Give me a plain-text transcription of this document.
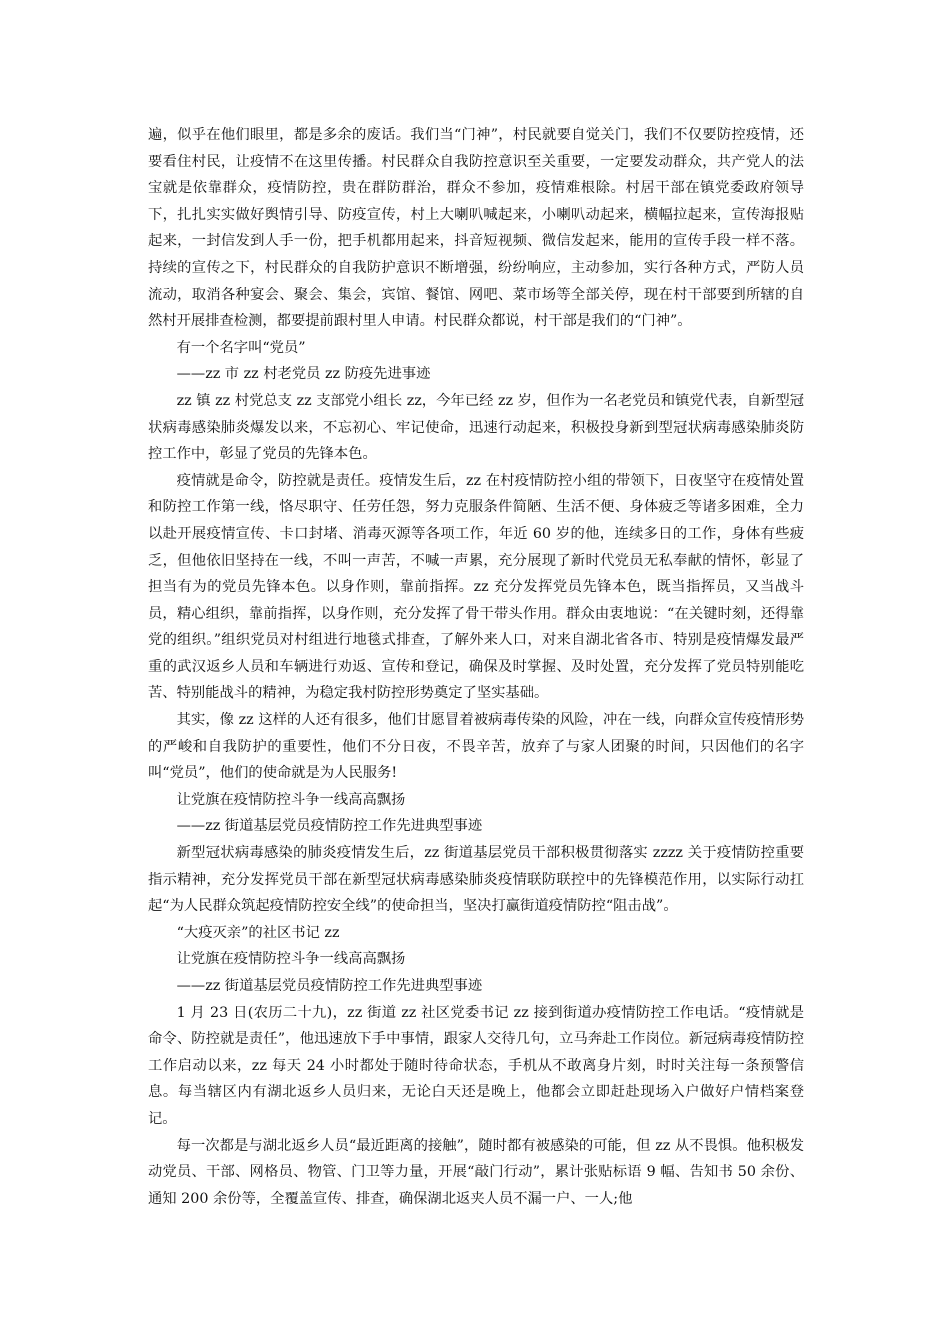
遍，似乎在他们眼里，都是多余的废话。我们当“门神”，村民就要自觉关门，我们不仅要防控疫情，还要看住村民，让疫情不在这里传播。村民群众自我防控意识至关重要，一定要发动群众，共产党人的法宝就是依靠群众，疫情防控，贵在群防群治，群众不参加，疫情难根除。村居干部在镇党委政府领导下，扎扎实实做好舆情引导、防疫宣传，村上大喇叭喊起来，小喇叭动起来，横幅拉起来，宣传海报贴起来，一封信发到人手一份，把手机都用起来，抖音短视频、微信发起来，能用的宣传手段一样不落。持续的宣传之下，村民群众的自我防护意识不断增强，纷纷响应，主动参加，实行各种方式，严防人员流动，取消各种宴会、聚会、集会，宾馆、餐馆、网吧、菜市场等全部关停，现在村干部要到所辖的自然村开展排查检测，都要提前跟村里人申请。村民群众都说，村干部是我们的“门神”。

有一个名字叫“党员”

——zz 市 zz 村老党员 zz 防疫先进事迹

zz 镇 zz 村党总支 zz 支部党小组长 zz，今年已经 zz 岁，但作为一名老党员和镇党代表，自新型冠状病毒感染肺炎爆发以来，不忘初心、牢记使命，迅速行动起来，积极投身新到型冠状病毒感染肺炎防控工作中，彰显了党员的先锋本色。

疫情就是命令，防控就是责任。疫情发生后，zz 在村疫情防控小组的带领下，日夜坚守在疫情处置和防控工作第一线，恪尽职守、任劳任怨，努力克服条件简陋、生活不便、身体疲乏等诸多困难，全力以赴开展疫情宣传、卡口封堵、消毒灭源等各项工作，年近 60 岁的他，连续多日的工作，身体有些疲乏，但他依旧坚持在一线，不叫一声苦，不喊一声累，充分展现了新时代党员无私奉献的情怀，彰显了担当有为的党员先锋本色。以身作则，靠前指挥。zz 充分发挥党员先锋本色，既当指挥员，又当战斗员，精心组织，靠前指挥，以身作则，充分发挥了骨干带头作用。群众由衷地说：“在关键时刻，还得靠党的组织。”组织党员对村组进行地毯式排查，了解外来人口，对来自湖北省各市、特别是疫情爆发最严重的武汉返乡人员和车辆进行劝返、宣传和登记，确保及时掌握、及时处置，充分发挥了党员特别能吃苦、特别能战斗的精神，为稳定我村防控形势奠定了坚实基础。

其实，像 zz 这样的人还有很多，他们甘愿冒着被病毒传染的风险，冲在一线，向群众宣传疫情形势的严峻和自我防护的重要性，他们不分日夜，不畏辛苦，放弃了与家人团聚的时间，只因他们的名字叫“党员”，他们的使命就是为人民服务!

让党旗在疫情防控斗争一线高高飘扬

——zz 街道基层党员疫情防控工作先进典型事迹

新型冠状病毒感染的肺炎疫情发生后，zz 街道基层党员干部积极贯彻落实 zzzz 关于疫情防控重要指示精神，充分发挥党员干部在新型冠状病毒感染肺炎疫情联防联控中的先锋模范作用，以实际行动扛起“为人民群众筑起疫情防控安全线”的使命担当，坚决打赢街道疫情防控“阻击战”。

“大疫灭亲”的社区书记 zz

让党旗在疫情防控斗争一线高高飘扬

——zz 街道基层党员疫情防控工作先进典型事迹

1 月 23 日(农历二十九)，zz 街道 zz 社区党委书记 zz 接到街道办疫情防控工作电话。“疫情就是命令、防控就是责任”，他迅速放下手中事情，跟家人交待几句，立马奔赴工作岗位。新冠病毒疫情防控工作启动以来，zz 每天 24 小时都处于随时待命状态，手机从不敢离身片刻，时时关注每一条预警信息。每当辖区内有湖北返乡人员归来，无论白天还是晚上，他都会立即赶赴现场入户做好户情档案登记。

每一次都是与湖北返乡人员“最近距离的接触”，随时都有被感染的可能，但 zz 从不畏惧。他积极发动党员、干部、网格员、物管、门卫等力量，开展“敲门行动”，累计张贴标语 9 幅、告知书 50 余份、通知 200 余份等，全覆盖宣传、排查，确保湖北返夹人员不漏一户、一人;他
